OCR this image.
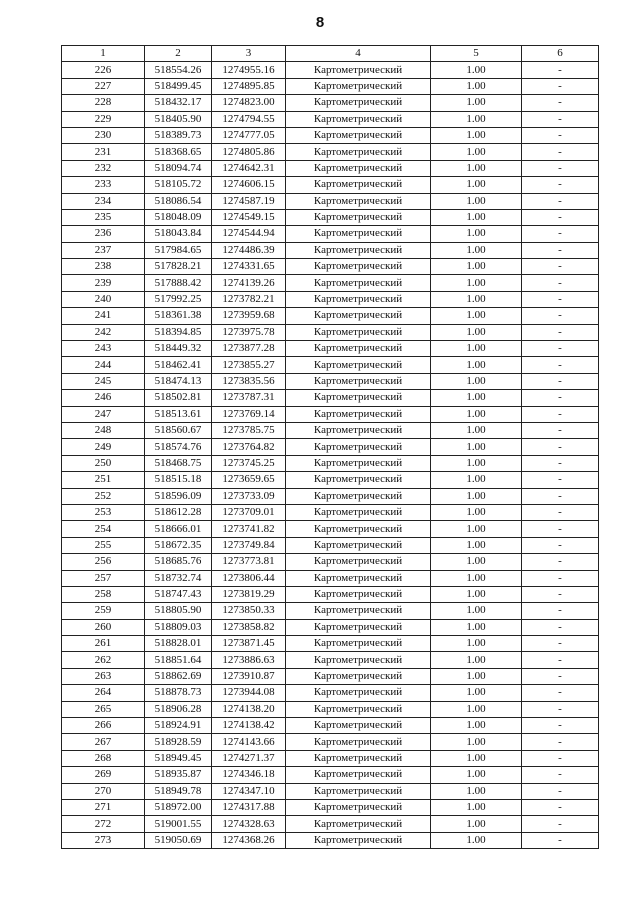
8
1	2	3	4	5	6
226	518554.26	1274955.16	Картометрический	1.00	-
227	518499.45	1274895.85	Картометрический	1.00	-
228	518432.17	1274823.00	Картометрический	1.00	-
229	518405.90	1274794.55	Картометрический	1.00	-
230	518389.73	1274777.05	Картометрический	1.00	-
231	518368.65	1274805.86	Картометрический	1.00	-
232	518094.74	1274642.31	Картометрический	1.00	-
233	518105.72	1274606.15	Картометрический	1.00	-
234	518086.54	1274587.19	Картометрический	1.00	-
235	518048.09	1274549.15	Картометрический	1.00	-
236	518043.84	1274544.94	Картометрический	1.00	-
237	517984.65	1274486.39	Картометрический	1.00	-
238	517828.21	1274331.65	Картометрический	1.00	-
239	517888.42	1274139.26	Картометрический	1.00	-
240	517992.25	1273782.21	Картометрический	1.00	-
241	518361.38	1273959.68	Картометрический	1.00	-
242	518394.85	1273975.78	Картометрический	1.00	-
243	518449.32	1273877.28	Картометрический	1.00	-
244	518462.41	1273855.27	Картометрический	1.00	-
245	518474.13	1273835.56	Картометрический	1.00	-
246	518502.81	1273787.31	Картометрический	1.00	-
247	518513.61	1273769.14	Картометрический	1.00	-
248	518560.67	1273785.75	Картометрический	1.00	-
249	518574.76	1273764.82	Картометрический	1.00	-
250	518468.75	1273745.25	Картометрический	1.00	-
251	518515.18	1273659.65	Картометрический	1.00	-
252	518596.09	1273733.09	Картометрический	1.00	-
253	518612.28	1273709.01	Картометрический	1.00	-
254	518666.01	1273741.82	Картометрический	1.00	-
255	518672.35	1273749.84	Картометрический	1.00	-
256	518685.76	1273773.81	Картометрический	1.00	-
257	518732.74	1273806.44	Картометрический	1.00	-
258	518747.43	1273819.29	Картометрический	1.00	-
259	518805.90	1273850.33	Картометрический	1.00	-
260	518809.03	1273858.82	Картометрический	1.00	-
261	518828.01	1273871.45	Картометрический	1.00	-
262	518851.64	1273886.63	Картометрический	1.00	-
263	518862.69	1273910.87	Картометрический	1.00	-
264	518878.73	1273944.08	Картометрический	1.00	-
265	518906.28	1274138.20	Картометрический	1.00	-
266	518924.91	1274138.42	Картометрический	1.00	-
267	518928.59	1274143.66	Картометрический	1.00	-
268	518949.45	1274271.37	Картометрический	1.00	-
269	518935.87	1274346.18	Картометрический	1.00	-
270	518949.78	1274347.10	Картометрический	1.00	-
271	518972.00	1274317.88	Картометрический	1.00	-
272	519001.55	1274328.63	Картометрический	1.00	-
273	519050.69	1274368.26	Картометрический	1.00	-
